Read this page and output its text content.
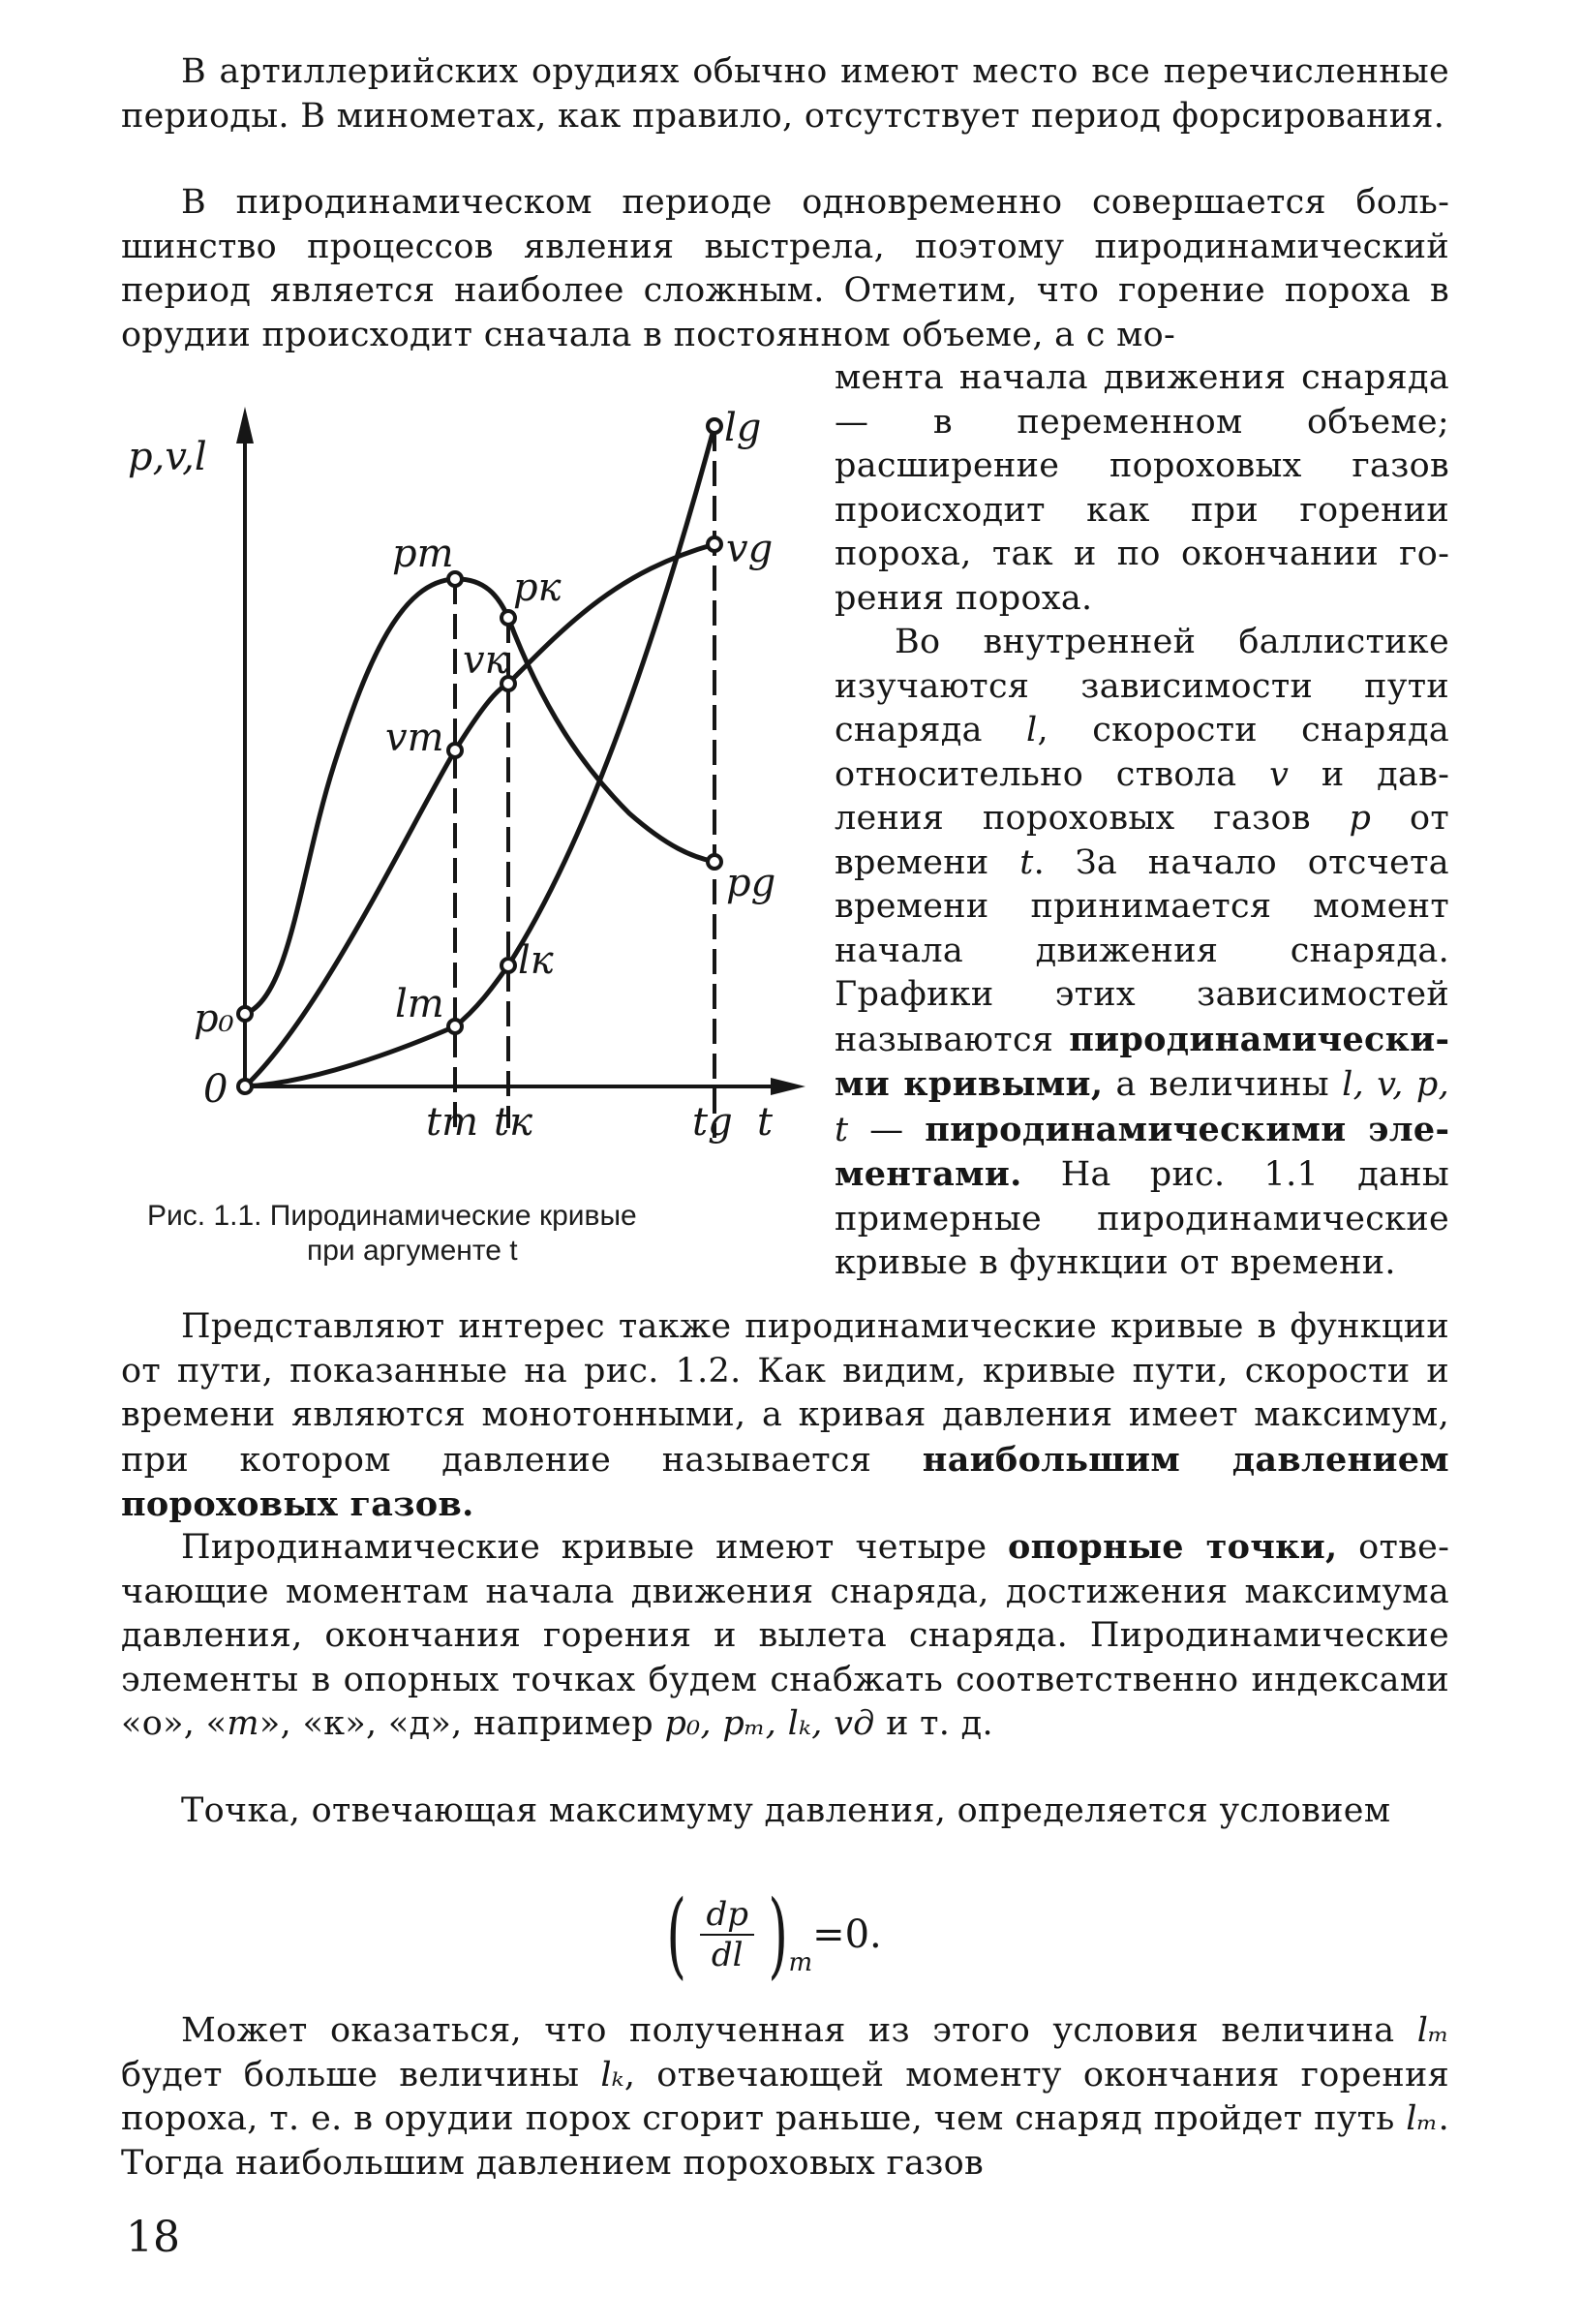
В артиллерийских орудиях обычно имеют место все перечисленные периоды. В минометах, как правило, отсутствует период форсирования.

В пиродинамическом периоде одновременно совершается большинство процессов явления выстрела, поэтому пиродинамический период является наиболее сложным. Отметим, что горение пороха в орудии происходит сначала в постоянном объеме, а с мо-

мента начала движения снаряда — в переменном объеме; расширение пороховых газов происходит как при горении пороха, так и по окончании горения пороха.
Во внутренней баллистике изучаются зависимости пути снаряда l, скорости снаряда относительно ствола v и давления пороховых газов p от времени t. За начало отсчета времени принимается момент начала движения снаряда. Графики этих зависимостей называются пиродинамическими кривыми, а величины l, v, p, t — пиродинамическими элементами. На рис. 1.1 даны примерные пиродинамические кривые в функции от времени.
p,v,l
0
p₀
pm
pк
vк
vm
pg
vg
lg
lm
lк
tm tк	tg t
Рис. 1.1. Пиродинамические кривые
при аргументе t

Представляют интерес также пиродинамические кривые в функции от пути, показанные на рис. 1.2. Как видим, кривые пути, скорости и времени являются монотонными, а кривая давления имеет максимум, при котором давление называется наибольшим давлением пороховых газов.

Пиродинамические кривые имеют четыре опорные точки, отвечающие моментам начала движения снаряда, достижения максимума давления, окончания горения и вылета снаряда. Пиродинамические элементы в опорных точках будем снабжать соответственно индексами «о», «m», «к», «д», например p₀, pₘ, lₖ, vд и т. д.

Точка, отвечающая максимуму давления, определяется условием

( $\frac{dp}{dl}$ ) m
=0.

Может оказаться, что полученная из этого условия величина lₘ будет больше величины lₖ, отвечающей моменту окончания горения пороха, т. е. в орудии порох сгорит раньше, чем снаряд пройдет путь lₘ. Тогда наибольшим давлением пороховых газов

18
